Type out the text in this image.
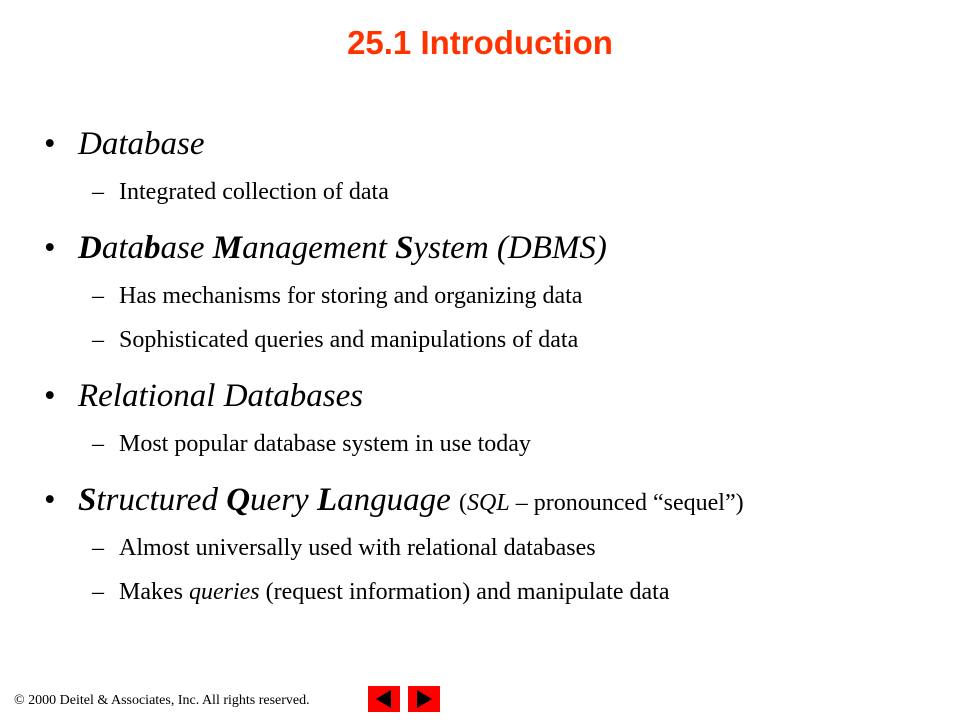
25.1 Introduction
• Database
– Integrated collection of data
• Database Management System (DBMS)
– Has mechanisms for storing and organizing data
– Sophisticated queries and manipulations of data
• Relational Databases
– Most popular database system in use today
• Structured Query Language (SQL – pronounced “sequel”)
– Almost universally used with relational databases
– Makes queries (request information) and manipulate data
© 2000 Deitel & Associates, Inc. All rights reserved.
